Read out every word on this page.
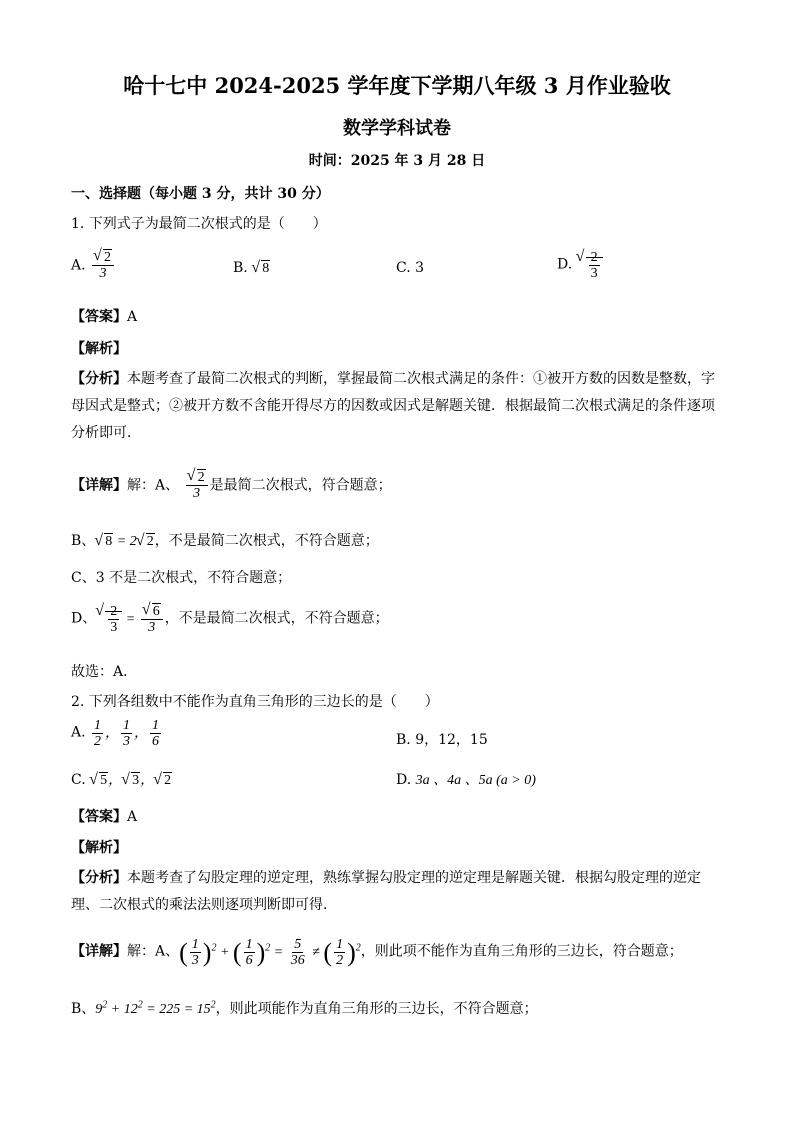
哈十七中 2024-2025 学年度下学期八年级 3 月作业验收
数学学科试卷
时间：2025 年 3 月 28 日
一、选择题（每小题 3 分，共计 30 分）
1. 下列式子为最简二次根式的是（　　）
A. √ $\frac{2}{3}$	B. √ 8	C. 3	D. √ $\frac{2}{3}$
【答案】A
【解析】
【分析】本题考查了最简二次根式的判断，掌握最简二次根式满足的条件：①被开方数的因数是整数，字母因式是整式；②被开方数不含能开得尽方的因数或因式是解题关键．根据最简二次根式满足的条件逐项分析即可．
【详解】解：A、 √ $\frac{2}{3}$ 是最简二次根式，符合题意；
B、 √ 8 = 2 √ 2，不是最简二次根式，不符合题意；
C、3 不是二次根式，不符合题意；
D、 √ $\frac{2}{3}$ = √ $\frac{6}{3}$ ，不是最简二次根式，不符合题意；
故选：A．
2. 下列各组数中不能作为直角三角形的三边长的是（　　）
A. $\frac{1}{2}$ ， $\frac{1}{3}$ ， $\frac{1}{6}$	B. 9，12，15
C. √ 5， √ 3， √ 2	D. 3a 、4a 、5a (a > 0)
【答案】A
【解析】
【分析】本题考查了勾股定理的逆定理，熟练掌握勾股定理的逆定理是解题关键．根据勾股定理的逆定理、二次根式的乘法法则逐项判断即可得．
【详解】解：A、( $\frac{1}{3} )^2$ + ( $\frac{1}{6} )^2 = \frac{5}{36}$ ≠ ( $\frac{1}{2} )^2$，则此项不能作为直角三角形的三边长，符合题意；
B、$9^2 + 12^2 = 225 = 15^2$，则此项能作为直角三角形的三边长，不符合题意；
